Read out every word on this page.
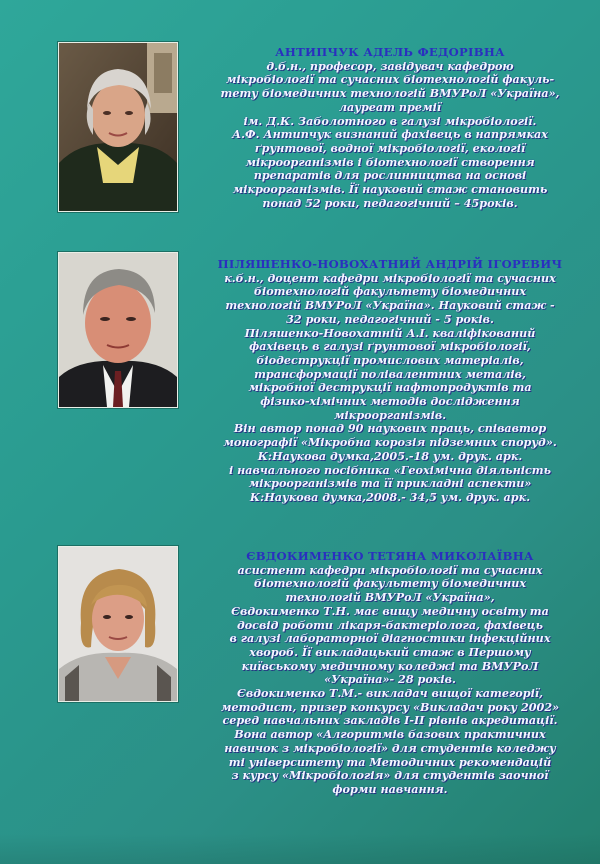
АНТИПЧУК АДЕЛЬ ФЕДОРІВНА

д.б.н., професор, завідувач кафедрою

мікробіології та сучасних біотехнологій факуль-

тету біомедичних технологій ВМУРоЛ «Україна»,

лауреат премії

ім. Д.К. Заболотного в галузі мікробіології.

А.Ф. Антипчук визнаний фахівець в напрямках

ґрунтової, водної мікробіології, екології

мікроорганізмів і біотехнології створення

препаратів для рослинництва на основі

мікроорганізмів. Її науковий стаж становить

понад 52 роки, педагогічний – 45років.

ПІЛЯШЕНКО-НОВОХАТНИЙ АНДРІЙ ІГОРЕВИЧ

к.б.н., доцент кафедри мікробіології та сучасних

біотехнологій факультету біомедичних

технологій ВМУРоЛ «Україна». Науковий стаж -

32 роки, педагогічний - 5 років.

Піляшенко-Новохатній А.І. кваліфікований

фахівець в галузі ґрунтової мікробіології,

біодеструкції промислових матеріалів,

трансформації полівалентних металів,

мікробної деструкції нафтопродуктів та

фізико-хімічних методів дослідження

мікроорганізмів.

Він автор понад 90 наукових праць, співавтор

монографії «Мікробна корозія підземних споруд».

К:Наукова думка,2005.-18 ум. друк. арк.

і навчального посібника «Геохімічна діяльність

мікроорганізмів та її прикладні аспекти»

К:Наукова думка,2008.- 34,5 ум. друк. арк.

ЄВДОКИМЕНКО ТЕТЯНА МИКОЛАЇВНА

асистент кафедри мікробіології та сучасних

біотехнологій факультету біомедичних

технологій ВМУРоЛ «Україна»,

Євдокименко Т.Н. має вищу медичну освіту та

досвід роботи лікаря-бактеріолога, фахівець

в галузі лабораторної діагностики інфекційних

хвороб. Її викладацький стаж в Першому

київському медичному коледжі та ВМУРоЛ

«Україна»- 28 років.

Євдокименко Т.М.- викладач вищої категорії,

методист, призер конкурсу «Викладач року 2002»

серед навчальних закладів І-ІІ рівнів акредитації.

Вона автор «Алгоритмів базових практичних

навичок з мікробіології» для студентів коледжу

ті університету та Методичних рекомендацій

з курсу «Мікробіологія» для студентів заочної

форми навчання.
